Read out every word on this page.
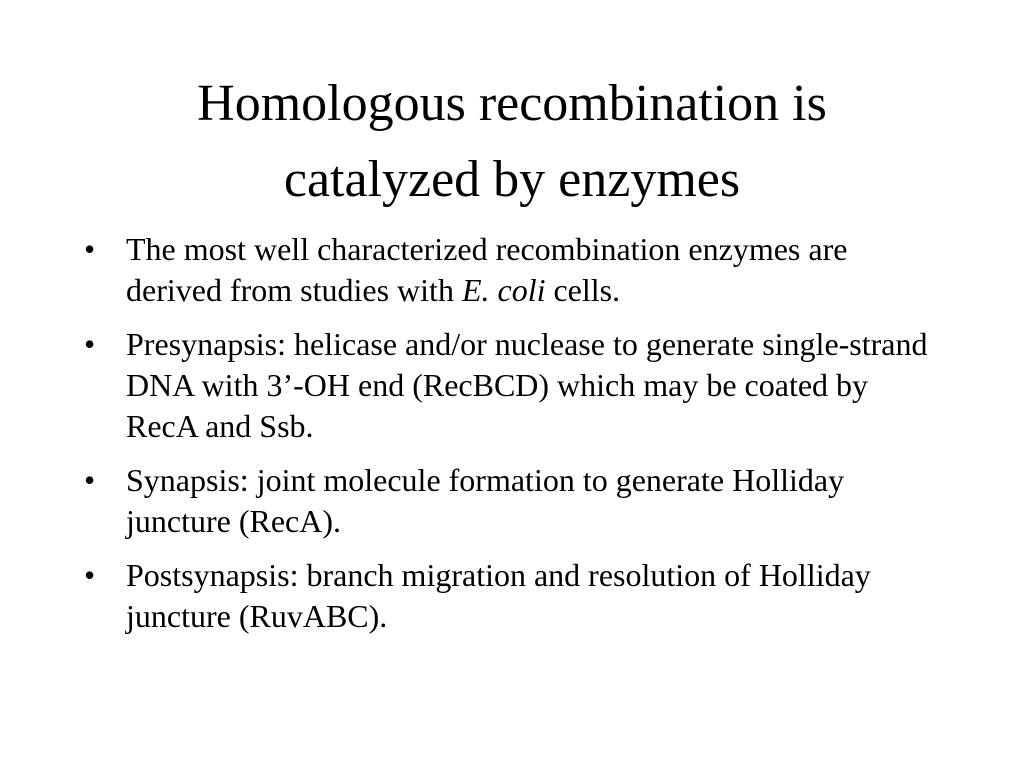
Homologous recombination is
catalyzed by enzymes
• The most well characterized recombination enzymes are derived from studies with E. coli cells.
• Presynapsis: helicase and/or nuclease to generate single-strand DNA with 3’-OH end (RecBCD) which may be coated by RecA and Ssb.
• Synapsis: joint molecule formation to generate Holliday juncture (RecA).
• Postsynapsis: branch migration and resolution of Holliday juncture (RuvABC).
